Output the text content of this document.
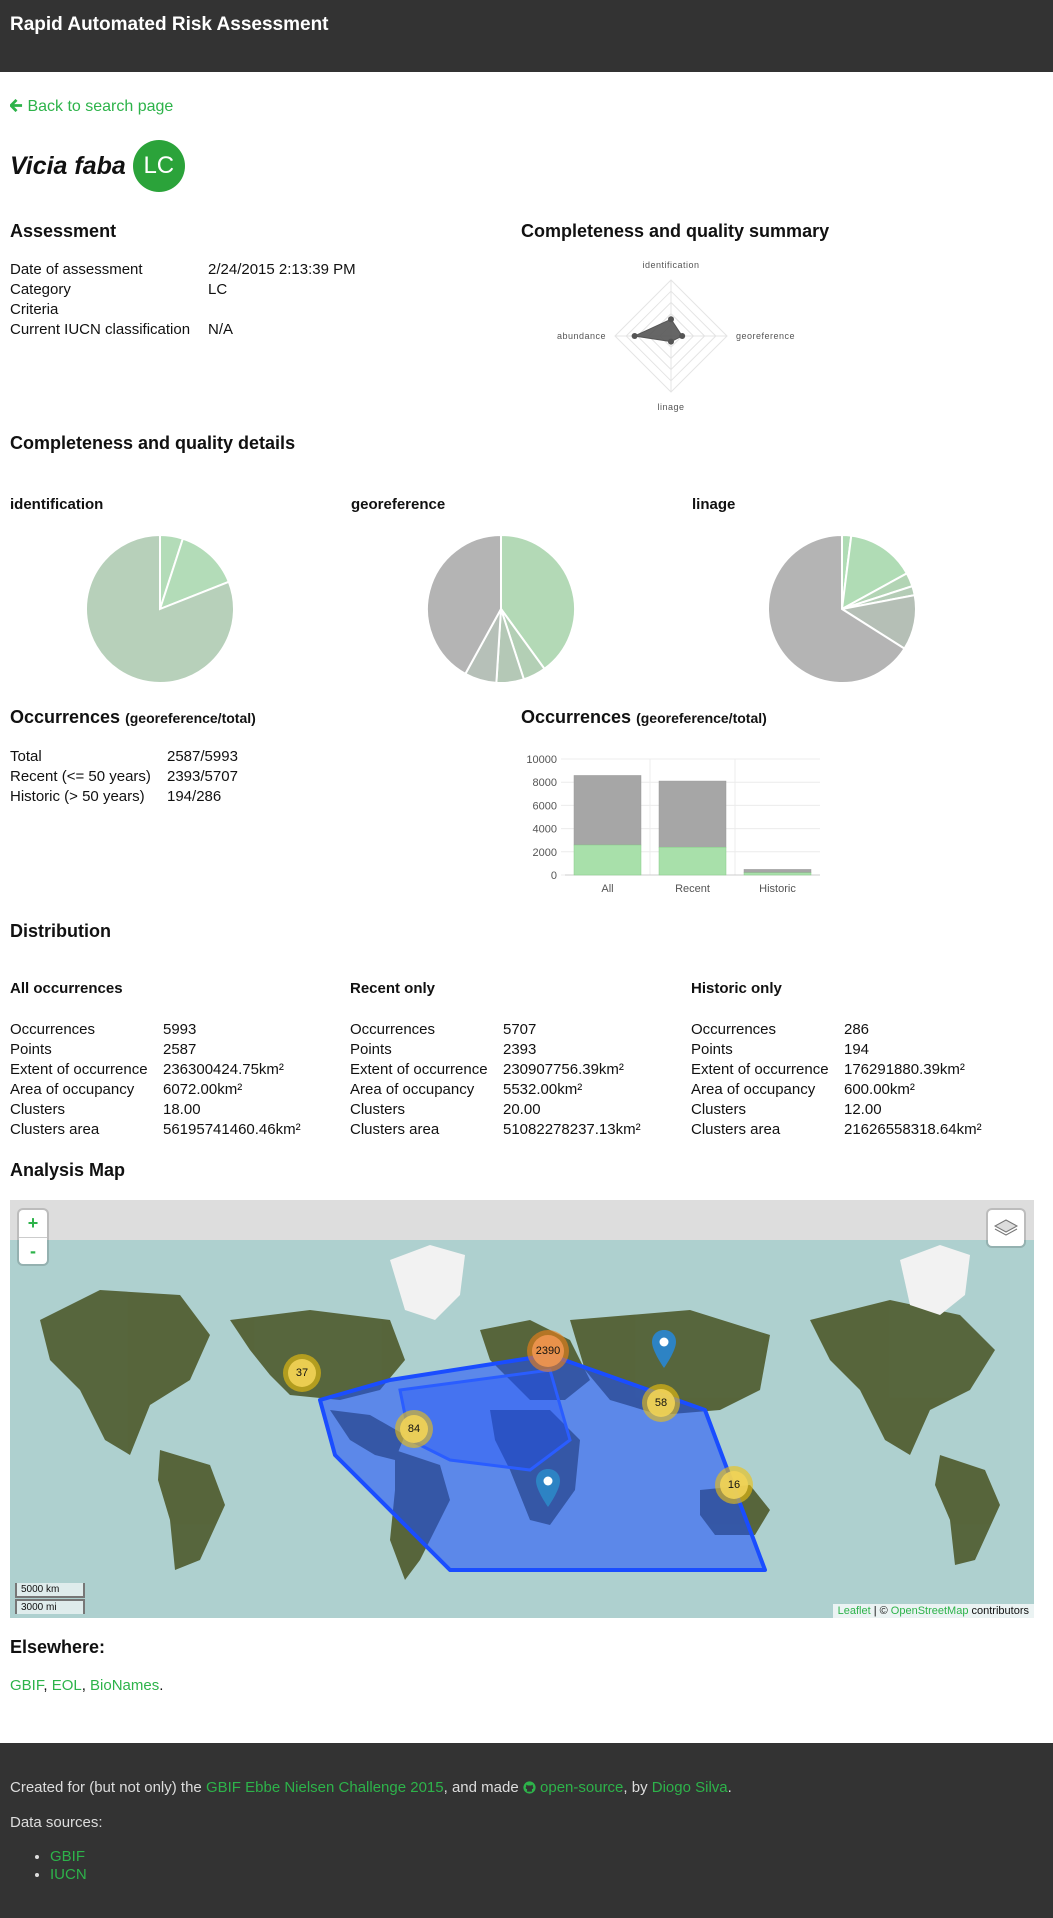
Rapid Automated Risk Assessment
Back to search page
Vicia faba LC
Assessment
Date of assessment	2/24/2015 2:13:39 PM
Category	LC
Criteria	
Current IUCN classification	N/A
Completeness and quality summary
identification
georeference
linage
abundance
Completeness and quality details
identification	georeference	linage
Occurrences (georeference/total)
Total	2587/5993
Recent (<= 50 years)	2393/5707
Historic (> 50 years)	194/286
Occurrences (georeference/total)
0
2000
4000
6000
8000
10000
All	Recent	Historic
Distribution
All occurrences
Occurrences	5993
Points	2587
Extent of occurrence	236300424.75km²
Area of occupancy	6072.00km²
Clusters	18.00
Clusters area	56195741460.46km²
Recent only
Occurrences	5707
Points	2393
Extent of occurrence	230907756.39km²
Area of occupancy	5532.00km²
Clusters	20.00
Clusters area	51082278237.13km²
Historic only
Occurrences	286
Points	194
Extent of occurrence	176291880.39km²
Area of occupancy	600.00km²
Clusters	12.00
Clusters area	21626558318.64km²
Analysis Map
37
2390
58
84
16
+
-
5000 km
3000 mi	Leaflet | © OpenStreetMap contributors
Elsewhere:
GBIF, EOL, BioNames.

Created for (but not only) the GBIF Ebbe Nielsen Challenge 2015, and made open-source, by Diogo Silva.

Data sources:

• GBIF
• IUCN
